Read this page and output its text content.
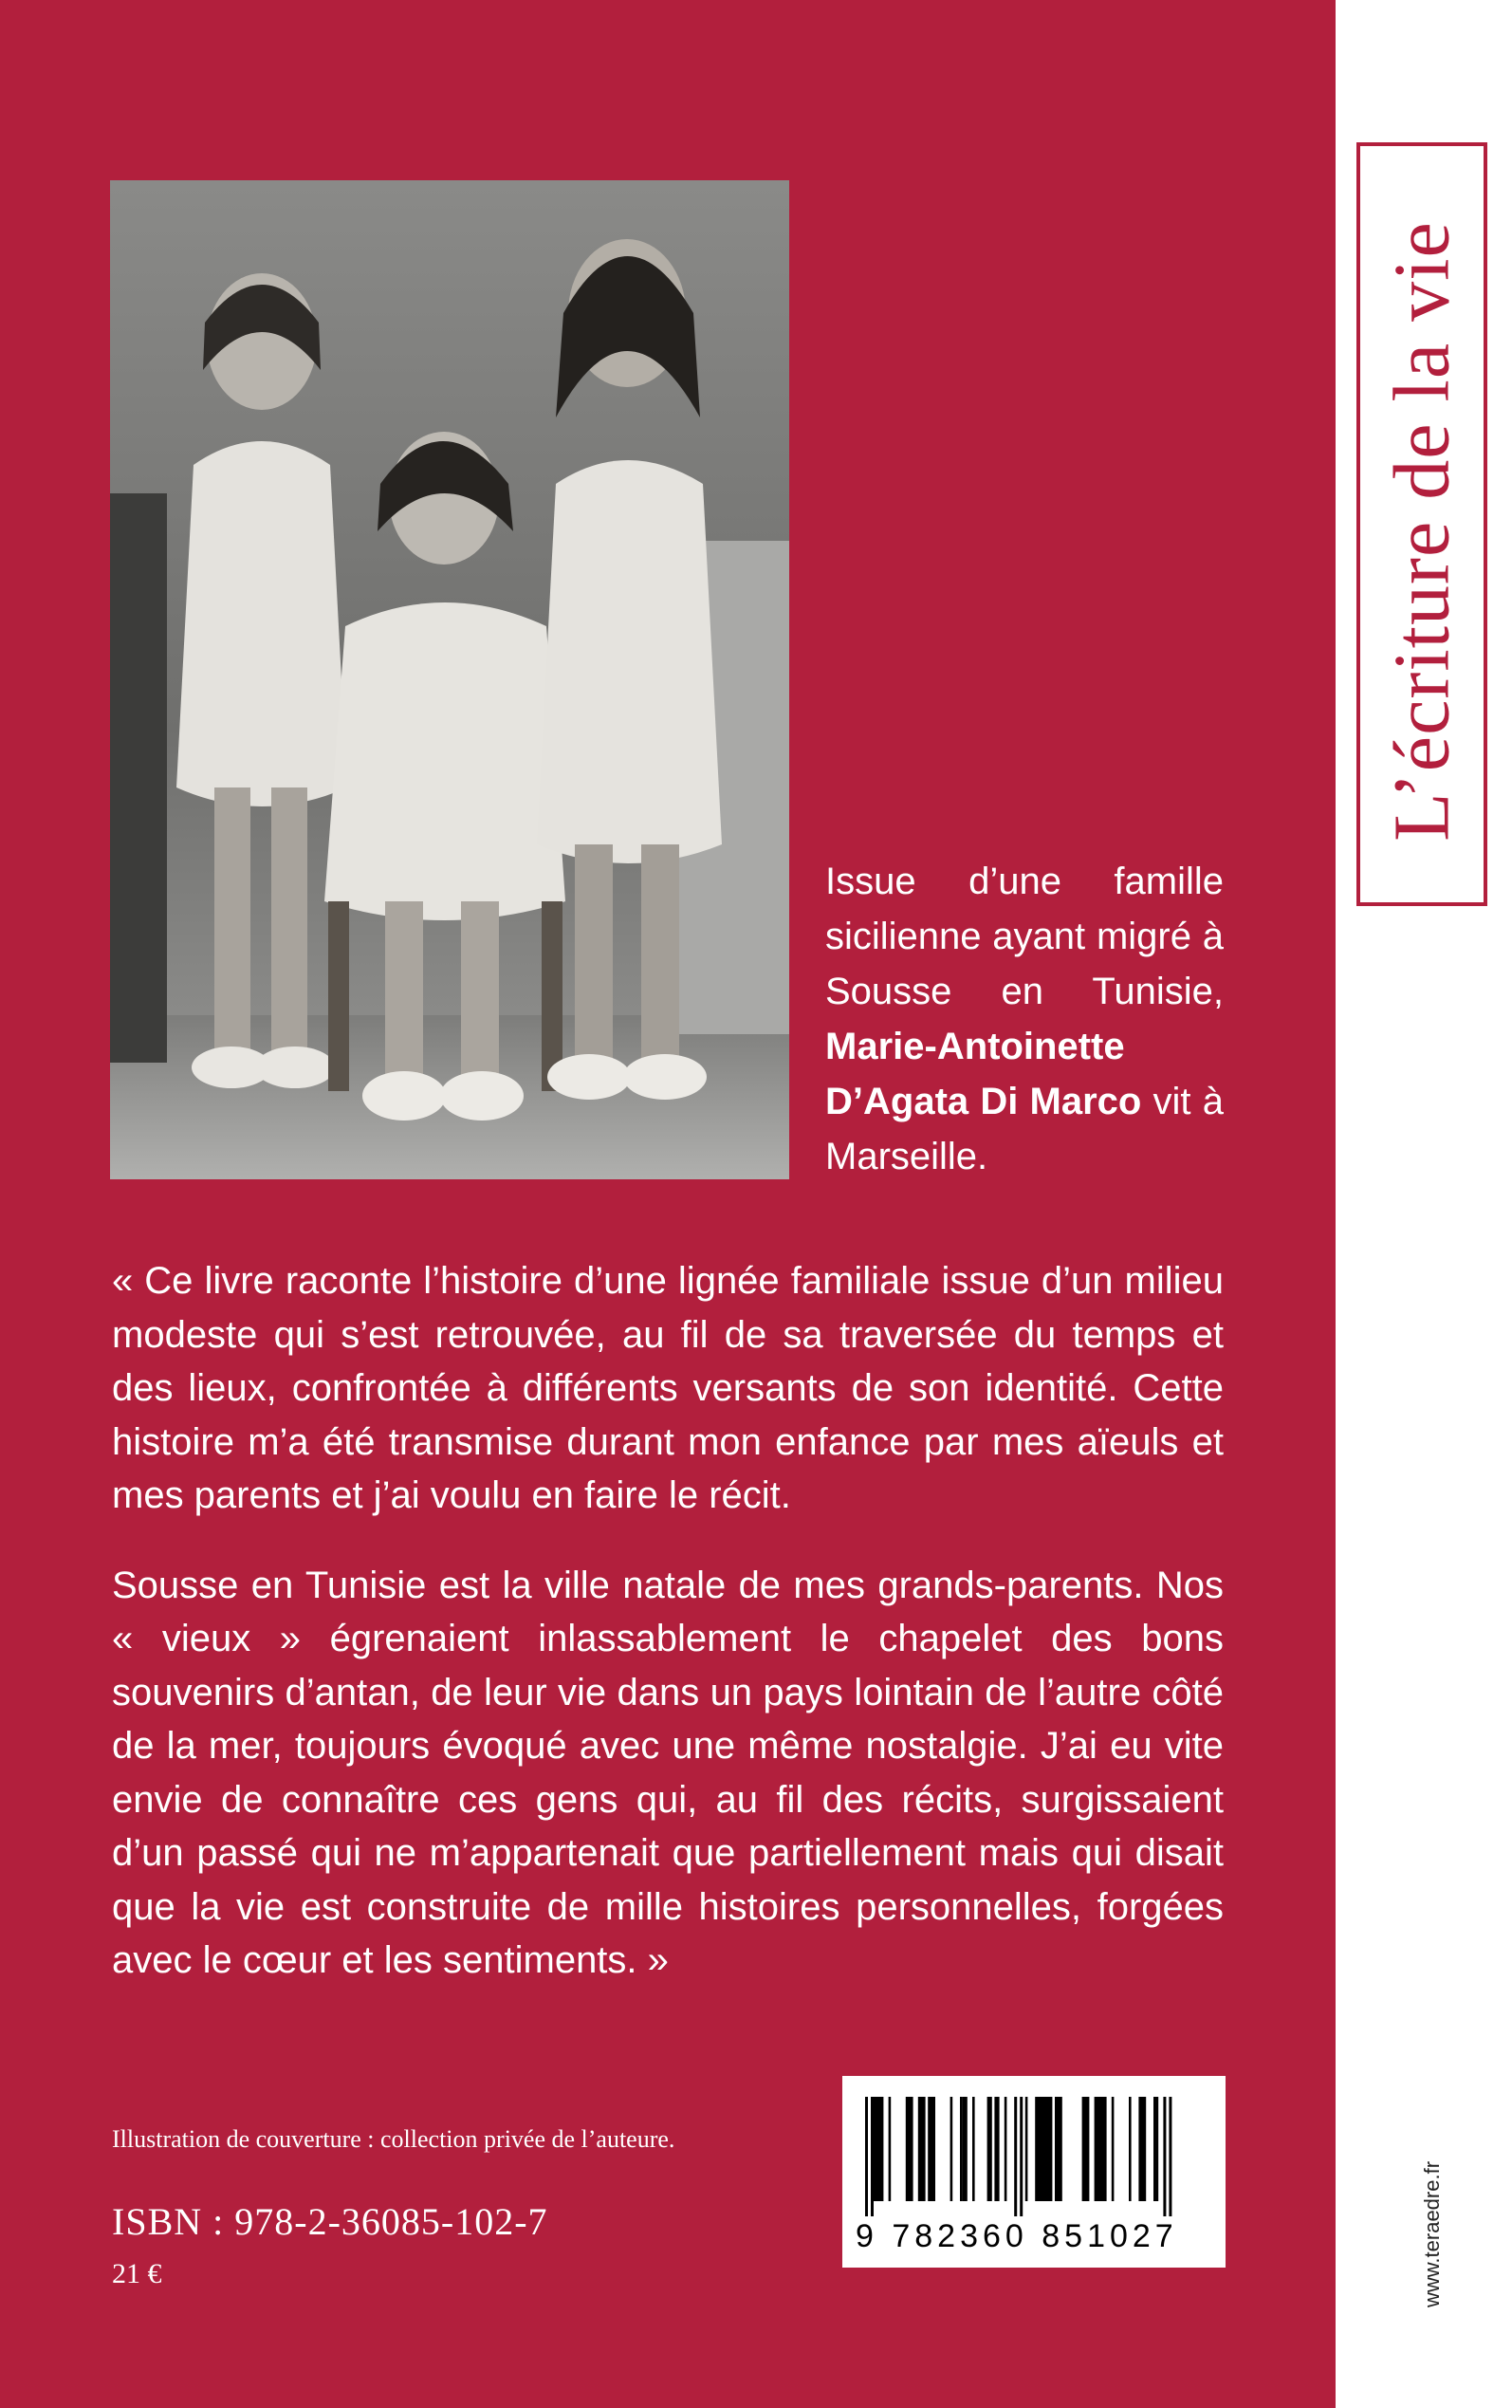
L’écriture de la vie
www.teraedre.fr
Issue d’une famille sicilienne ayant migré à Sousse en Tunisie, Marie-Antoinette D’Agata Di Marco vit à Marseille.

« Ce livre raconte l’histoire d’une lignée familiale issue d’un milieu modeste qui s’est retrouvée, au fil de sa traversée du temps et des lieux, confrontée à différents versants de son identité. Cette histoire m’a été transmise durant mon enfance par mes aïeuls et mes parents et j’ai voulu en faire le récit.

Sousse en Tunisie est la ville natale de mes grands-parents. Nos « vieux » égrenaient inlassablement le chapelet des bons souvenirs d’antan, de leur vie dans un pays lointain de l’autre côté de la mer, toujours évoqué avec une même nostalgie. J’ai eu vite envie de connaître ces gens qui, au fil des récits, surgissaient d’un passé qui ne m’appartenait que partiellement mais qui disait que la vie est construite de mille histoires personnelles, forgées avec le cœur et les sentiments. »

Illustration de couverture : collection privée de l’auteure.
ISBN : 978-2-36085-102-7
21 €
9 782360 851027
